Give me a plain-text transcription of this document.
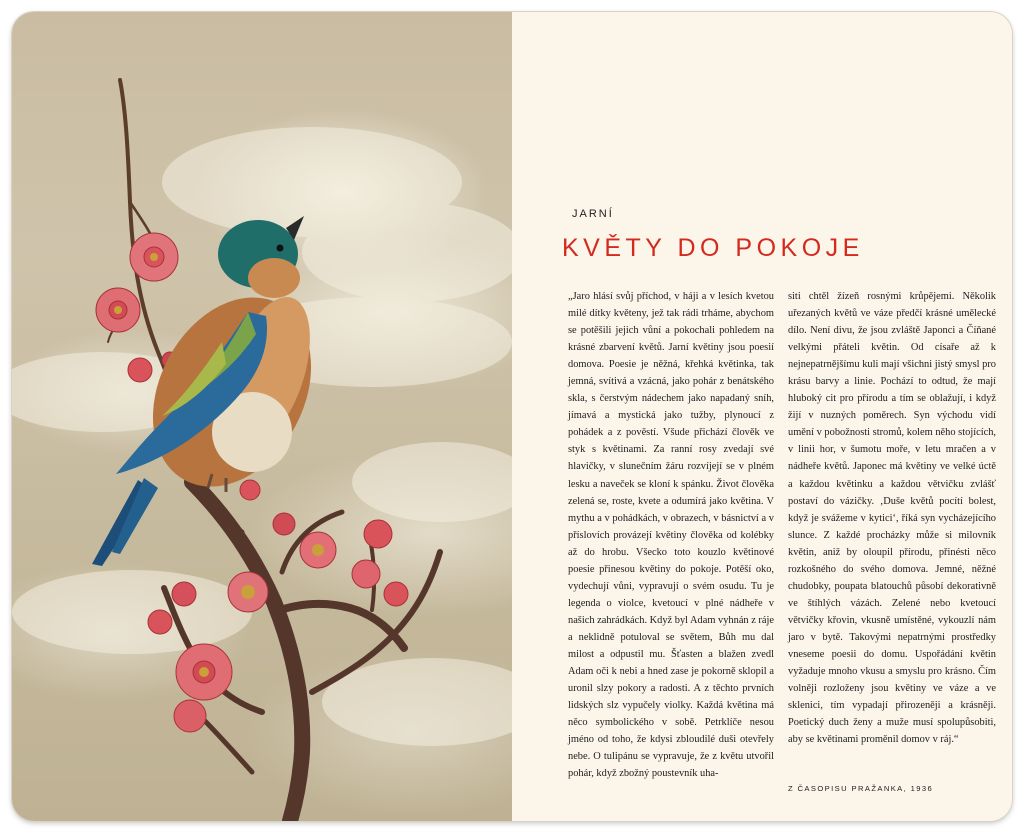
JARNÍ
KVĚTY DO POKOJE

„Jaro hlásí svůj příchod, v háji a v lesích kvetou milé dítky květeny, jež tak rádi trháme, abychom se potěšili jejich vůní a pokochali pohledem na krásné zbarvení květů. Jarní květiny jsou poesií domova. Poesie je něžná, křehká květinka, tak jemná, svítivá a vzácná, jako pohár z benátského skla, s čerstvým nádechem jako napadaný sníh, jímavá a mystická jako tužby, plynoucí z pohádek a z pověstí. Všude přichází člověk ve styk s květinami. Za ranní rosy zvedají své hlavičky, v slunečním žáru rozvíjejí se v plném lesku a naveček se kloní k spánku. Život člověka zelená se, roste, kvete a odumírá jako květina. V mythu a v pohádkách, v obrazech, v básnictví a v příslovích provázejí květiny člověka od kolébky až do hrobu. Všecko toto kouzlo květinové poesie přinesou květiny do pokoje. Potěší oko, vydechují vůni, vypravují o svém osudu. Tu je legenda o violce, kvetoucí v plné nádheře v našich zahrádkách. Když byl Adam vyhnán z ráje a neklidně potuloval se světem, Bůh mu dal milost a odpustil mu. Šťasten a blažen zvedl Adam oči k nebi a hned zase je pokorně sklopil a uronil slzy pokory a radosti. A z těchto prvních lidských slz vypučely violky. Každá květina má něco symbolického v sobě. Petrklíče nesou jméno od toho, že kdysi zbloudilé duši otevřely nebe. O tulipánu se vypravuje, že z květu utvořil pohár, když zbožný poustevník uha-

siti chtěl žízeň rosnými krůpějemi. Několik uřezaných květů ve váze předčí krásné umělecké dílo. Není divu, že jsou zvláště Japonci a Číňané velkými přáteli květin. Od císaře až k nejnepatrnějšímu kuli mají všichni jistý smysl pro krásu barvy a linie. Pochází to odtud, že mají hluboký cit pro přírodu a tím se oblažují, i když žijí v nuzných poměrech. Syn východu vidí umění v pobožnosti stromů, kolem něho stojících, v linii hor, v šumotu moře, v letu mračen a v nádheře květů. Japonec má květiny ve velké úctě a každou květinku a každou větvičku zvlášť postaví do vázičky. ‚Duše květů pocítí bolest, když je svážeme v kytici‘, říká syn vycházejícího slunce. Z každé procházky může si milovník květin, aniž by oloupil přírodu, přinésti něco rozkošného do svého domova. Jemné, něžné chudobky, poupata blatouchů působí dekorativně ve štíhlých vázách. Zelené nebo kvetoucí větvičky křovin, vkusně umístěné, vykouzlí nám jaro v bytě. Takovými nepatrnými prostředky vneseme poesii do domu. Uspořádání květin vyžaduje mnoho vkusu a smyslu pro krásno. Čím volněji rozloženy jsou květiny ve váze a ve sklenici, tím vypadají přirozeněji a krásněji. Poetický duch ženy a muže musí spolupůsobiti, aby se květinami proměnil domov v ráj.“

Z ČASOPISU PRAŽANKA, 1936
